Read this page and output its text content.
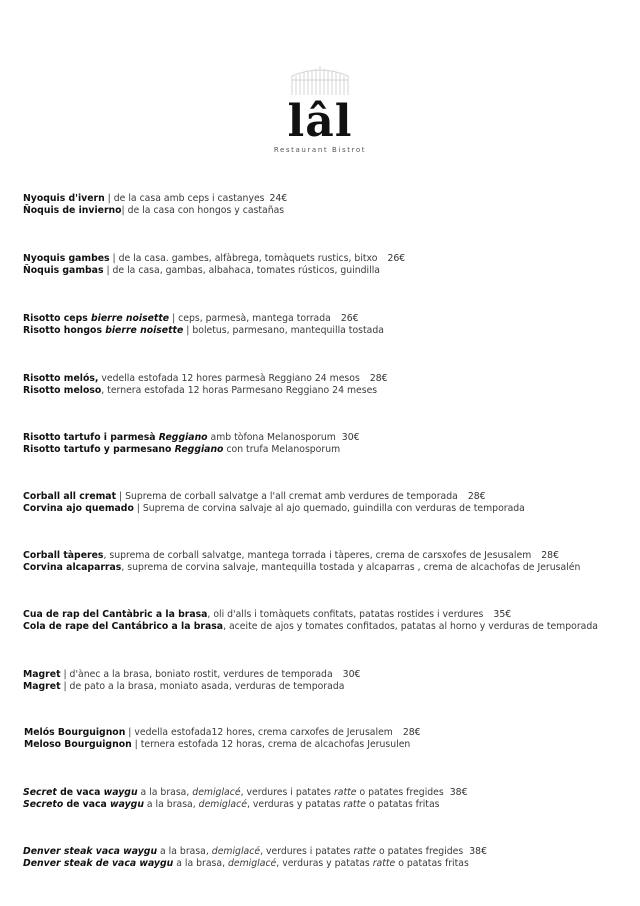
lâl
Restaurant Bistrot
Nyoquis d'ivern | de la casa amb ceps i castanyes 24€
Ñoquis de invierno| de la casa con hongos y castañas
Nyoquis gambes | de la casa. gambes, alfàbrega, tomàquets rustics, bitxo 26€
Ñoquis gambas | de la casa, gambas, albahaca, tomates rústicos, guindilla
Risotto ceps bierre noisette | ceps, parmesà, mantega torrada 26€
Risotto hongos bierre noisette | boletus, parmesano, mantequilla tostada
Risotto melós, vedella estofada 12 hores parmesà Reggiano 24 mesos 28€
Risotto meloso, ternera estofada 12 horas Parmesano Reggiano 24 meses
Risotto tartufo i parmesà Reggiano amb tòfona Melanosporum 30€
Risotto tartufo y parmesano Reggiano con trufa Melanosporum
Corball all cremat | Suprema de corball salvatge a l'all cremat amb verdures de temporada 28€
Corvina ajo quemado | Suprema de corvina salvaje al ajo quemado, guindilla con verduras de temporada
Corball tàperes, suprema de corball salvatge, mantega torrada i tàperes, crema de carsxofes de Jesusalem 28€
Corvina alcaparras, suprema de corvina salvaje, mantequilla tostada y alcaparras , crema de alcachofas de Jerusalén
Cua de rap del Cantàbric a la brasa, oli d'alls i tomàquets confitats, patatas rostides i verdures 35€
Cola de rape del Cantábrico a la brasa, aceite de ajos y tomates confitados, patatas al horno y verduras de temporada
Magret | d'ànec a la brasa, boniato rostit, verdures de temporada 30€
Magret | de pato a la brasa, moniato asada, verduras de temporada
Melós Bourguignon | vedella estofada12 hores, crema carxofes de Jerusalem 28€
Meloso Bourguignon | ternera estofada 12 horas, crema de alcachofas Jerusulen
Secret de vaca waygu a la brasa, demiglacé, verdures i patates ratte o patates fregides 38€
Secreto de vaca waygu a la brasa, demiglacé, verduras y patatas ratte o patatas fritas
Denver steak vaca waygu a la brasa, demiglacé, verdures i patates ratte o patates fregides 38€
Denver steak de vaca waygu a la brasa, demiglacé, verduras y patatas ratte o patatas fritas
